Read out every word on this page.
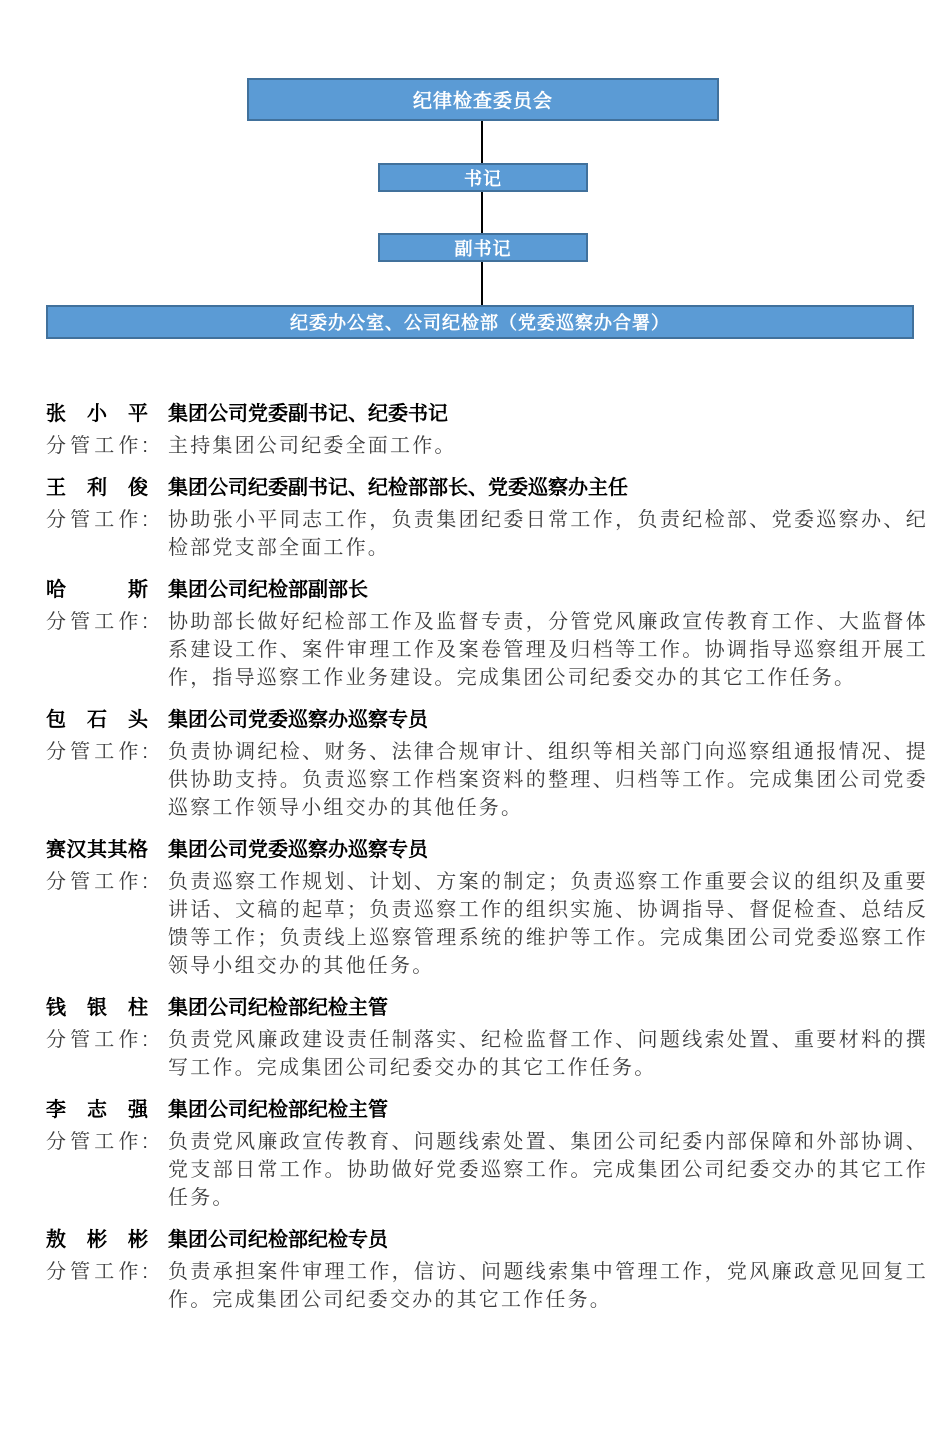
纪律检查委员会
书记
副书记
纪委办公室、公司纪检部（党委巡察办合署）
张小平 集团公司党委副书记、纪委书记
分管工作: 主持集团公司纪委全面工作。
王利俊 集团公司纪委副书记、纪检部部长、党委巡察办主任
分管工作: 协助张小平同志工作，负责集团纪委日常工作，负责纪检部、党委巡察办、纪检部党支部全面工作。
哈斯 集团公司纪检部副部长
分管工作: 协助部长做好纪检部工作及监督专责，分管党风廉政宣传教育工作、大监督体系建设工作、案件审理工作及案卷管理及归档等工作。协调指导巡察组开展工作，指导巡察工作业务建设。完成集团公司纪委交办的其它工作任务。
包石头 集团公司党委巡察办巡察专员
分管工作: 负责协调纪检、财务、法律合规审计、组织等相关部门向巡察组通报情况、提供协助支持。负责巡察工作档案资料的整理、归档等工作。完成集团公司党委巡察工作领导小组交办的其他任务。
赛汉其其格 集团公司党委巡察办巡察专员
分管工作: 负责巡察工作规划、计划、方案的制定；负责巡察工作重要会议的组织及重要讲话、文稿的起草；负责巡察工作的组织实施、协调指导、督促检查、总结反馈等工作；负责线上巡察管理系统的维护等工作。完成集团公司党委巡察工作领导小组交办的其他任务。
钱银柱 集团公司纪检部纪检主管
分管工作: 负责党风廉政建设责任制落实、纪检监督工作、问题线索处置、重要材料的撰写工作。完成集团公司纪委交办的其它工作任务。
李志强 集团公司纪检部纪检主管
分管工作: 负责党风廉政宣传教育、问题线索处置、集团公司纪委内部保障和外部协调、党支部日常工作。协助做好党委巡察工作。完成集团公司纪委交办的其它工作任务。
敖彬彬 集团公司纪检部纪检专员
分管工作: 负责承担案件审理工作，信访、问题线索集中管理工作，党风廉政意见回复工作。完成集团公司纪委交办的其它工作任务。
